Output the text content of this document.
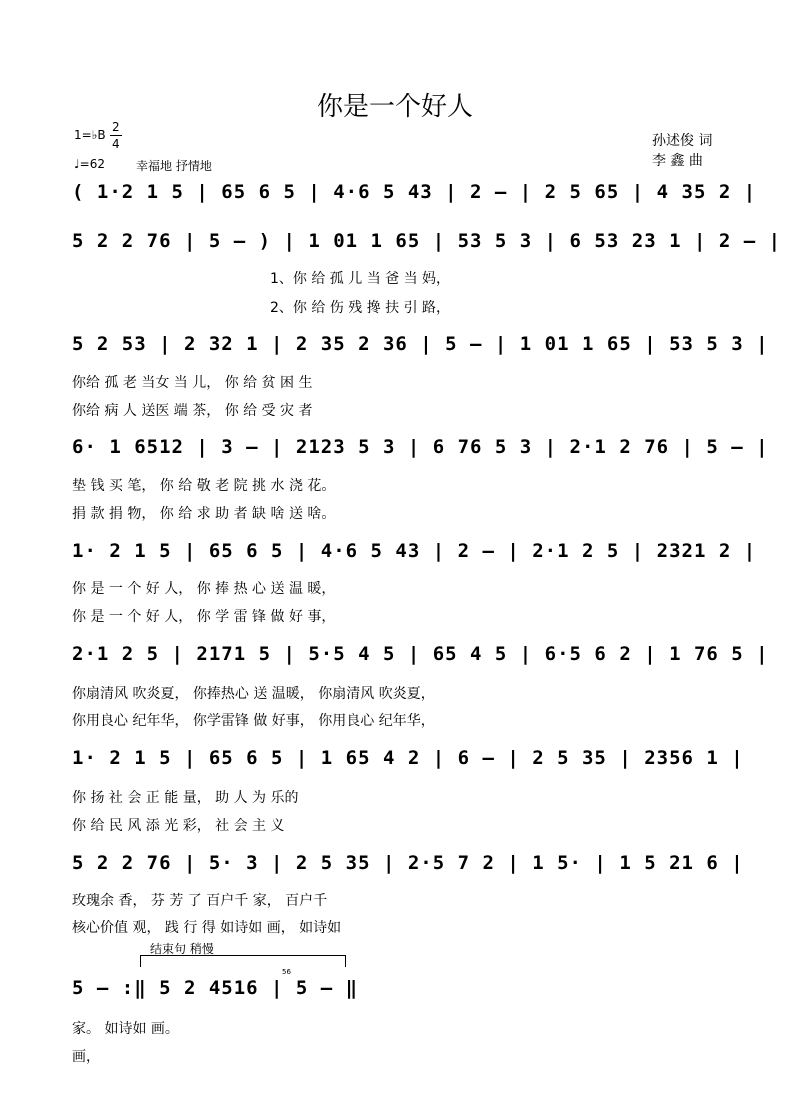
你是一个好人
1=♭B
2
4
♩=62	幸福地 抒情地
孙述俊 词
李 鑫 曲
( 1·2 1 5 | 65 6 5 | 4·6 5 43 | 2 – | 2 5 65 | 4 35 2 |
5 2 2 76 | 5 – ) | 1 01 1 65 | 53 5 3 | 6 53 23 1 | 2 – |
1、你 给 孤 儿 当 爸 当 妈，
2、你 给 伤 残 搀 扶 引 路，
5 2 53 | 2 32 1 | 2 35 2 36 | 5 – | 1 01 1 65 | 53 5 3 |
你给 孤 老 当女 当 儿， 你 给 贫 困 生
你给 病 人 送医 端 茶， 你 给 受 灾 者
6· 1 6512 | 3 – | 2123 5 3 | 6 76 5 3 | 2·1 2 76 | 5 – |
垫 钱 买 笔， 你 给 敬 老 院 挑 水 浇 花。
捐 款 捐 物， 你 给 求 助 者 缺 啥 送 啥。
1· 2 1 5 | 65 6 5 | 4·6 5 43 | 2 – | 2·1 2 5 | 2321 2 |
你 是 一 个 好 人， 你 捧 热 心 送 温 暖，
你 是 一 个 好 人， 你 学 雷 锋 做 好 事，
2·1 2 5 | 2171 5 | 5·5 4 5 | 65 4 5 | 6·5 6 2 | 1 76 5 |
你扇清风 吹炎夏， 你捧热心 送 温暖， 你扇清风 吹炎夏，
你用良心 纪年华， 你学雷锋 做 好事， 你用良心 纪年华，
1· 2 1 5 | 65 6 5 | 1 65 4 2 | 6 – | 2 5 35 | 2356 1 |
你 扬 社 会 正 能 量， 助 人 为 乐的
你 给 民 风 添 光 彩， 社 会 主 义
5 2 2 76 | 5· 3 | 2 5 35 | 2·5 7 2 | 1 5· | 1 5 21 6 |
玫瑰余 香， 芬 芳 了 百户千 家， 百户千
核心价值 观， 践 行 得 如诗如 画， 如诗如
结束句 稍慢
56
5 – :‖ 5 2 4516 | 5 – ‖
家。 如诗如 画。
画，
